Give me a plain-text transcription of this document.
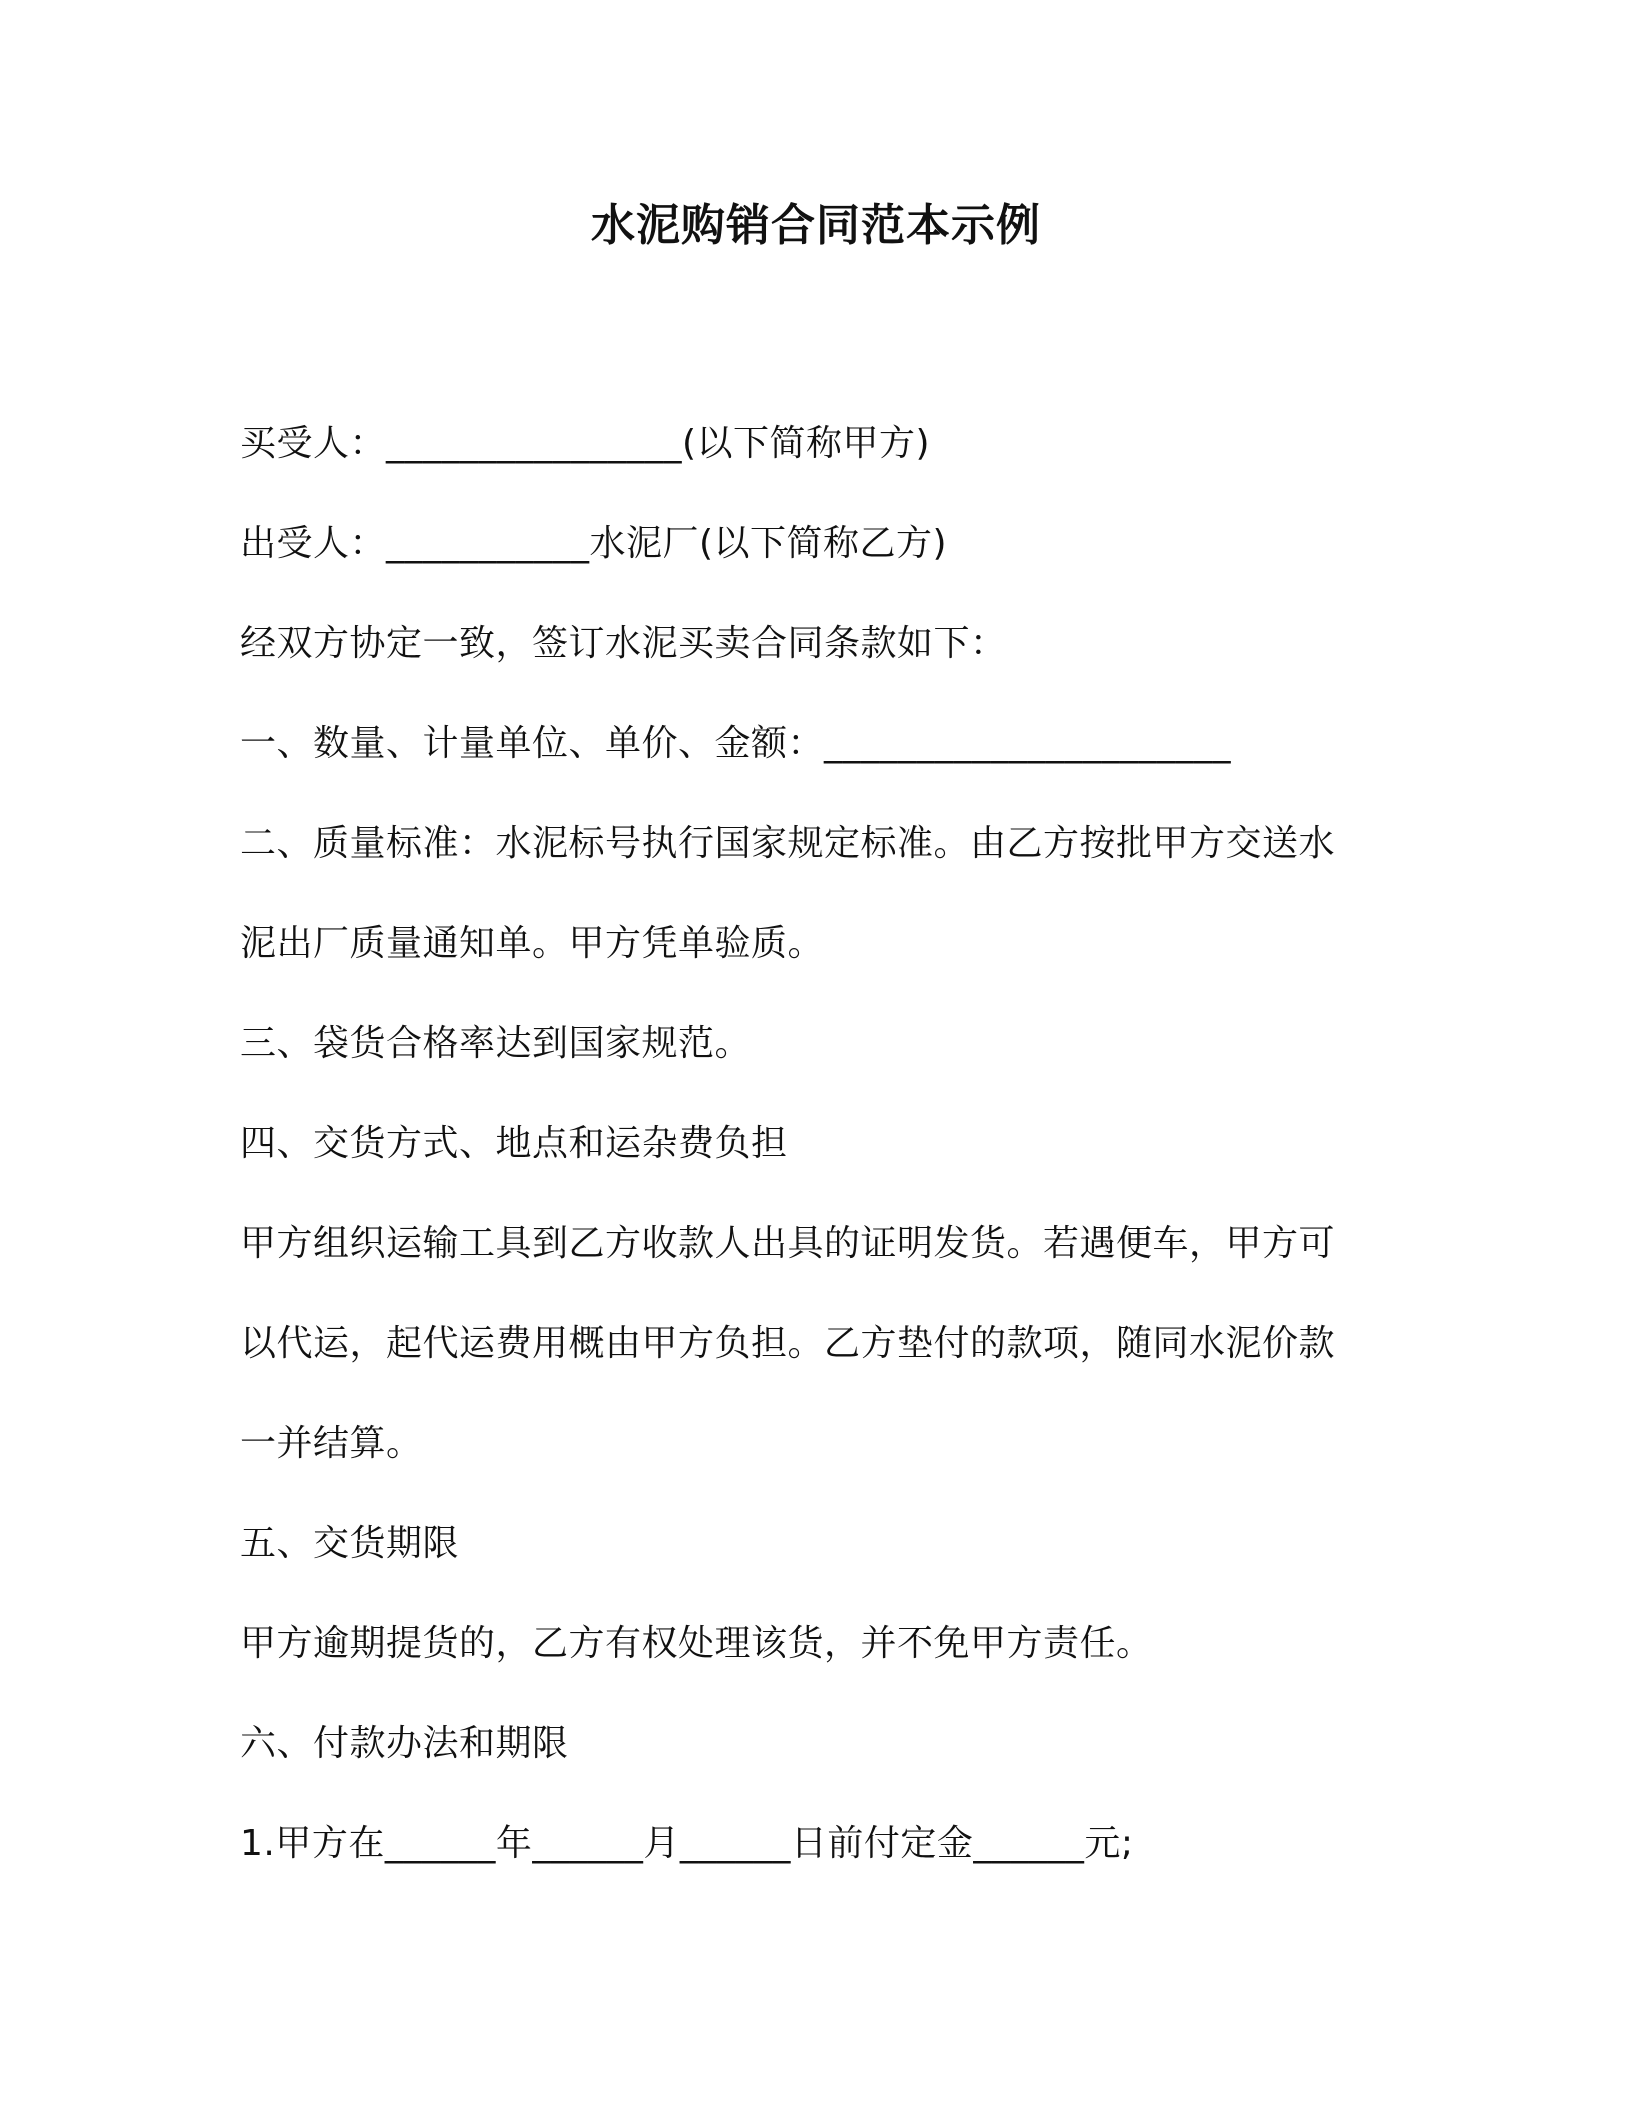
水泥购销合同范本示例
买受人：________________(以下简称甲方)
出受人：___________水泥厂(以下简称乙方)
经双方协定一致，签订水泥买卖合同条款如下：
一、数量、计量单位、单价、金额：______________________
二、质量标准：水泥标号执行国家规定标准。由乙方按批甲方交送水
泥出厂质量通知单。甲方凭单验质。
三、袋货合格率达到国家规范。
四、交货方式、地点和运杂费负担
甲方组织运输工具到乙方收款人出具的证明发货。若遇便车，甲方可
以代运，起代运费用概由甲方负担。乙方垫付的款项，随同水泥价款
一并结算。
五、交货期限
甲方逾期提货的，乙方有权处理该货，并不免甲方责任。
六、付款办法和期限
1.甲方在______年______月______日前付定金______元;
